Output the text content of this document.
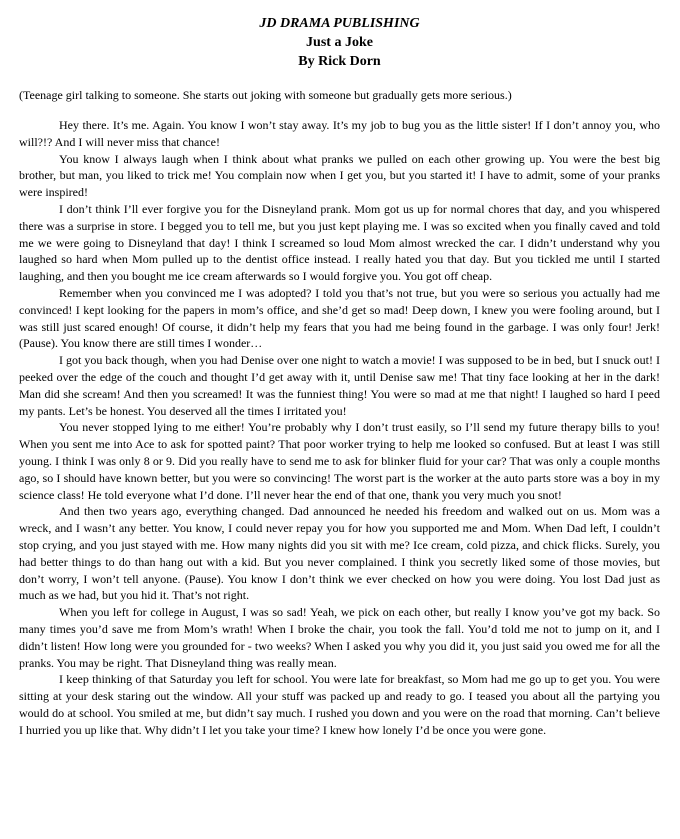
JD DRAMA PUBLISHING
Just a Joke
By Rick Dorn
(Teenage girl talking to someone. She starts out joking with someone but gradually gets more serious.)

Hey there. It’s me. Again. You know I won’t stay away. It’s my job to bug you as the little sister! If I don’t annoy you, who will?!? And I will never miss that chance!

You know I always laugh when I think about what pranks we pulled on each other growing up. You were the best big brother, but man, you liked to trick me! You complain now when I get you, but you started it! I have to admit, some of your pranks were inspired!

I don’t think I’ll ever forgive you for the Disneyland prank. Mom got us up for normal chores that day, and you whispered there was a surprise in store. I begged you to tell me, but you just kept playing me. I was so excited when you finally caved and told me we were going to Disneyland that day! I think I screamed so loud Mom almost wrecked the car. I didn’t understand why you laughed so hard when Mom pulled up to the dentist office instead. I really hated you that day. But you tickled me until I started laughing, and then you bought me ice cream afterwards so I would forgive you. You got off cheap.

Remember when you convinced me I was adopted? I told you that’s not true, but you were so serious you actually had me convinced! I kept looking for the papers in mom’s office, and she’d get so mad! Deep down, I knew you were fooling around, but I was still just scared enough! Of course, it didn’t help my fears that you had me being found in the garbage. I was only four! Jerk! (Pause). You know there are still times I wonder…

I got you back though, when you had Denise over one night to watch a movie! I was supposed to be in bed, but I snuck out! I peeked over the edge of the couch and thought I’d get away with it, until Denise saw me! That tiny face looking at her in the dark! Man did she scream! And then you screamed! It was the funniest thing! You were so mad at me that night! I laughed so hard I peed my pants. Let’s be honest. You deserved all the times I irritated you!

You never stopped lying to me either! You’re probably why I don’t trust easily, so I’ll send my future therapy bills to you! When you sent me into Ace to ask for spotted paint? That poor worker trying to help me looked so confused. But at least I was still young. I think I was only 8 or 9. Did you really have to send me to ask for blinker fluid for your car? That was only a couple months ago, so I should have known better, but you were so convincing! The worst part is the worker at the auto parts store was a boy in my science class! He told everyone what I’d done. I’ll never hear the end of that one, thank you very much you snot!

And then two years ago, everything changed. Dad announced he needed his freedom and walked out on us. Mom was a wreck, and I wasn’t any better. You know, I could never repay you for how you supported me and Mom. When Dad left, I couldn’t stop crying, and you just stayed with me. How many nights did you sit with me? Ice cream, cold pizza, and chick flicks. Surely, you had better things to do than hang out with a kid. But you never complained. I think you secretly liked some of those movies, but don’t worry, I won’t tell anyone. (Pause). You know I don’t think we ever checked on how you were doing. You lost Dad just as much as we had, but you hid it. That’s not right.

When you left for college in August, I was so sad! Yeah, we pick on each other, but really I know you’ve got my back. So many times you’d save me from Mom’s wrath! When I broke the chair, you took the fall. You’d told me not to jump on it, and I didn’t listen! How long were you grounded for - two weeks? When I asked you why you did it, you just said you owed me for all the pranks. You may be right. That Disneyland thing was really mean.

I keep thinking of that Saturday you left for school. You were late for breakfast, so Mom had me go up to get you. You were sitting at your desk staring out the window. All your stuff was packed up and ready to go. I teased you about all the partying you would do at school. You smiled at me, but didn’t say much. I rushed you down and you were on the road that morning. Can’t believe I hurried you up like that. Why didn’t I let you take your time? I knew how lonely I’d be once you were gone.
